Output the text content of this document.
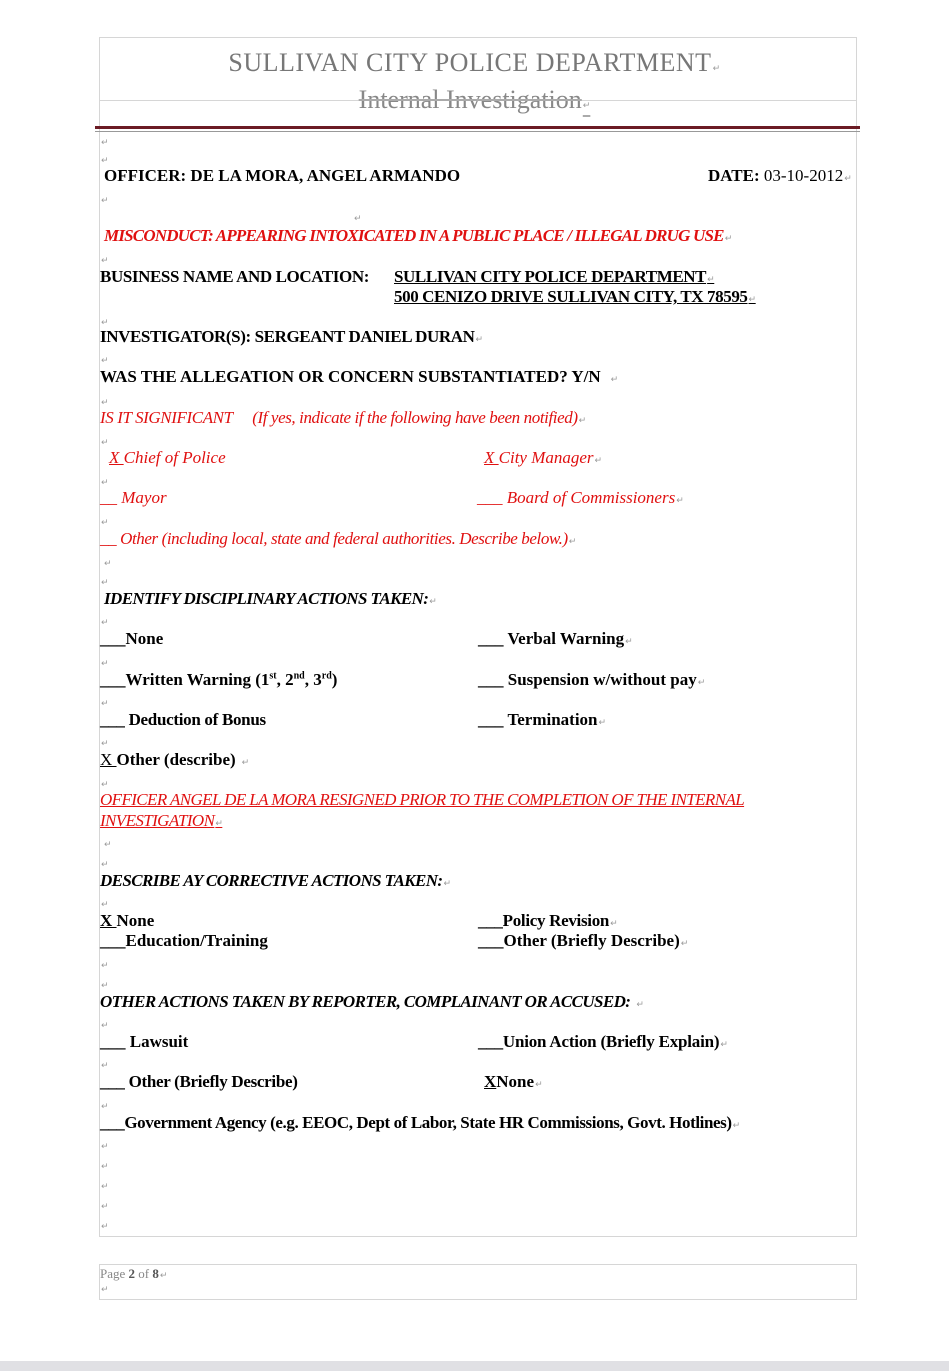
SULLIVAN CITY POLICE DEPARTMENT↵
Internal Investigation↵
↵
↵
↵
↵
↵
↵
↵
↵
↵
↵
↵
↵
↵
↵
↵
↵
↵
↵
↵
↵
↵
↵
↵
↵
↵
↵
↵
↵
↵
↵
↵
OFFICER: DE LA MORA, ANGEL ARMANDO	DATE: 03-10-2012↵
MISCONDUCT: APPEARING INTOXICATED IN A PUBLIC PLACE / ILLEGAL DRUG USE↵
BUSINESS NAME AND LOCATION: SULLIVAN CITY POLICE DEPARTMENT↵
500 CENIZO DRIVE SULLIVAN CITY, TX 78595↵
INVESTIGATOR(S): SERGEANT DANIEL DURAN↵
WAS THE ALLEGATION OR CONCERN SUBSTANTIATED? Y/N ↵
IS IT SIGNIFICANT (If yes, indicate if the following have been notified)↵
X Chief of Police	X City Manager↵
__ Mayor	___ Board of Commissioners↵
__ Other (including local, state and federal authorities. Describe below.)↵
IDENTIFY DISCIPLINARY ACTIONS TAKEN:↵
___None	___ Verbal Warning↵
___Written Warning (1st, 2nd, 3rd)	___ Suspension w/without pay↵
___ Deduction of Bonus	___ Termination↵
X Other (describe) ↵
OFFICER ANGEL DE LA MORA RESIGNED PRIOR TO THE COMPLETION OF THE INTERNAL
INVESTIGATION↵
DESCRIBE AY CORRECTIVE ACTIONS TAKEN:↵
X None	___Policy Revision↵
___Education/Training	___Other (Briefly Describe)↵
OTHER ACTIONS TAKEN BY REPORTER, COMPLAINANT OR ACCUSED: ↵
___ Lawsuit	___Union Action (Briefly Explain)↵
___ Other (Briefly Describe)	XNone↵
___Government Agency (e.g. EEOC, Dept of Labor, State HR Commissions, Govt. Hotlines)↵
Page 2 of 8↵
↵
